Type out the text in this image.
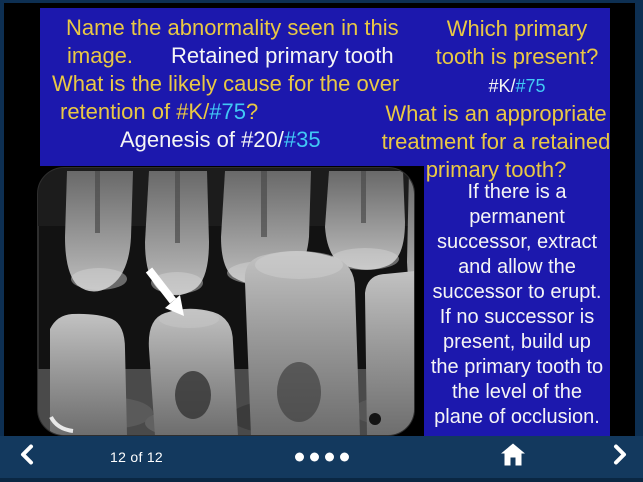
Name the abnormality seen in this
image. Retained primary tooth
What is the likely cause for the over
retention of #K/#75?
Agenesis of #20/#35
Which primary
tooth is present?
#K/#75
What is an appropriate
treatment for a retained
primary tooth?
If there is a
permanent
successor, extract
and allow the
successor to erupt.
If no successor is
present, build up
the primary tooth to
the level of the
plane of occlusion.
12 of 12
